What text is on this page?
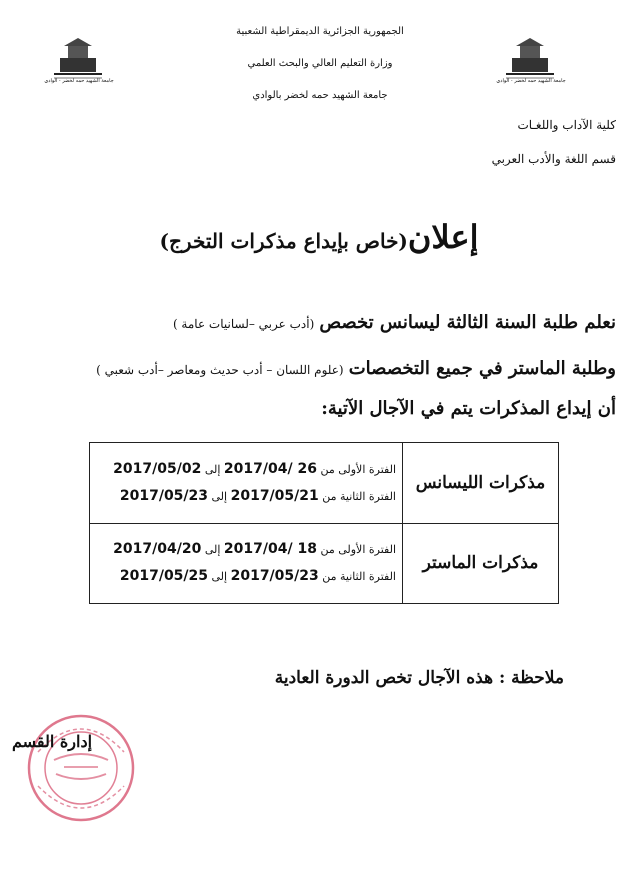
جامعة الشهيد حمه لخضر - الوادي	جامعة الشهيد حمه لخضر - الوادي
الجمهورية الجزائرية الديمقراطية الشعبية
وزارة التعليم العالي والبحث العلمي
جامعة الشهيد حمه لخضر بالوادي
كلية الآداب واللغـات
قسم اللغة والأدب العربي
إعلان(خاص بإيداع مذكرات التخرج)
نعلم طلبة السنة الثالثة ليسانس تخصص (أدب عربي –لسانيات عامة )
وطلبة الماستر في جميع التخصصات (علوم اللسان – أدب حديث ومعاصر –أدب شعبي )
أن إيداع المذكرات يتم في الآجال الآتية:
مذكرات الليسانس	الفترة الأولى من 26 /2017/04 إلى 2017/05/02
الفترة الثانية من 2017/05/21 إلى 2017/05/23

مذكرات الماستر	الفترة الأولى من 18 /2017/04 إلى 2017/04/20
الفترة الثانية من 2017/05/23 إلى 2017/05/25
ملاحظة : هذه الآجال تخص الدورة العادية
إدارة القسم
